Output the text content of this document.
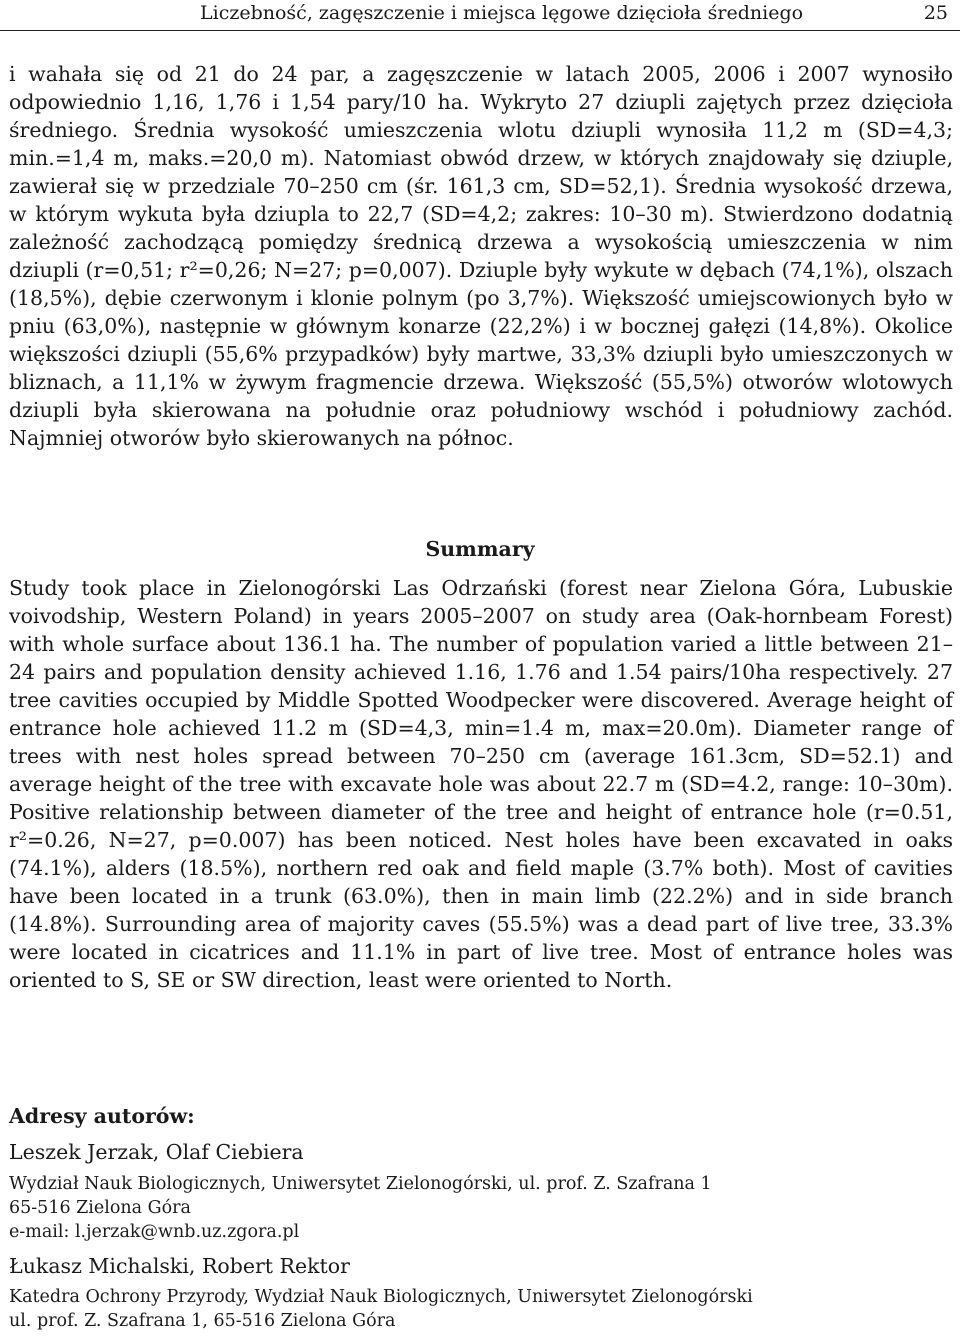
Liczebność, zagęszczenie i miejsca lęgowe dzięcioła średniego	25

i wahała się od 21 do 24 par, a zagęszczenie w latach 2005, 2006 i 2007 wynosiło odpowiednio 1,16, 1,76 i 1,54 pary/10 ha. Wykryto 27 dziupli zajętych przez dzięcioła średniego. Średnia wysokość umieszczenia wlotu dziupli wynosiła 11,2 m (SD=4,3; min.=1,4 m, maks.=20,0 m). Natomiast obwód drzew, w których znajdowały się dziuple, zawierał się w przedziale 70–250 cm (śr. 161,3 cm, SD=52,1). Średnia wysokość drzewa, w którym wykuta była dziupla to 22,7 (SD=4,2; zakres: 10–30 m). Stwierdzono dodatnią zależność zachodzącą pomiędzy średnicą drzewa a wysokością umieszczenia w nim dziupli (r=0,51; r²=0,26; N=27; p=0,007). Dziuple były wykute w dębach (74,1%), olszach (18,5%), dębie czerwonym i klonie polnym (po 3,7%). Większość umiejscowionych było w pniu (63,0%), następnie w głównym konarze (22,2%) i w bocznej gałęzi (14,8%). Okolice większości dziupli (55,6% przypadków) były martwe, 33,3% dziupli było umieszczonych w bliznach, a 11,1% w żywym fragmencie drzewa. Większość (55,5%) otworów wlotowych dziupli była skierowana na południe oraz południowy wschód i południowy zachód. Najmniej otworów było skierowanych na północ.

Summary

Study took place in Zielonogórski Las Odrzański (forest near Zielona Góra, Lubuskie voivodship, Western Poland) in years 2005–2007 on study area (Oak-hornbeam Forest) with whole surface about 136.1 ha. The number of population varied a little between 21–24 pairs and population density achieved 1.16, 1.76 and 1.54 pairs/10ha respectively. 27 tree cavities occupied by Middle Spotted Woodpecker were discovered. Average height of entrance hole achieved 11.2 m (SD=4,3, min=1.4 m, max=20.0m). Diameter range of trees with nest holes spread between 70–250 cm (average 161.3cm, SD=52.1) and average height of the tree with excavate hole was about 22.7 m (SD=4.2, range: 10–30m). Positive relationship between diameter of the tree and height of entrance hole (r=0.51, r²=0.26, N=27, p=0.007) has been noticed. Nest holes have been excavated in oaks (74.1%), alders (18.5%), northern red oak and field maple (3.7% both). Most of cavities have been located in a trunk (63.0%), then in main limb (22.2%) and in side branch (14.8%). Surrounding area of majority caves (55.5%) was a dead part of live tree, 33.3% were located in cicatrices and 11.1% in part of live tree. Most of entrance holes was oriented to S, SE or SW direction, least were oriented to North.

Adresy autorów:
Leszek Jerzak, Olaf Ciebiera
Wydział Nauk Biologicznych, Uniwersytet Zielonogórski, ul. prof. Z. Szafrana 1
65-516 Zielona Góra
e-mail: l.jerzak@wnb.uz.zgora.pl
Łukasz Michalski, Robert Rektor
Katedra Ochrony Przyrody, Wydział Nauk Biologicznych, Uniwersytet Zielonogórski
ul. prof. Z. Szafrana 1, 65-516 Zielona Góra
